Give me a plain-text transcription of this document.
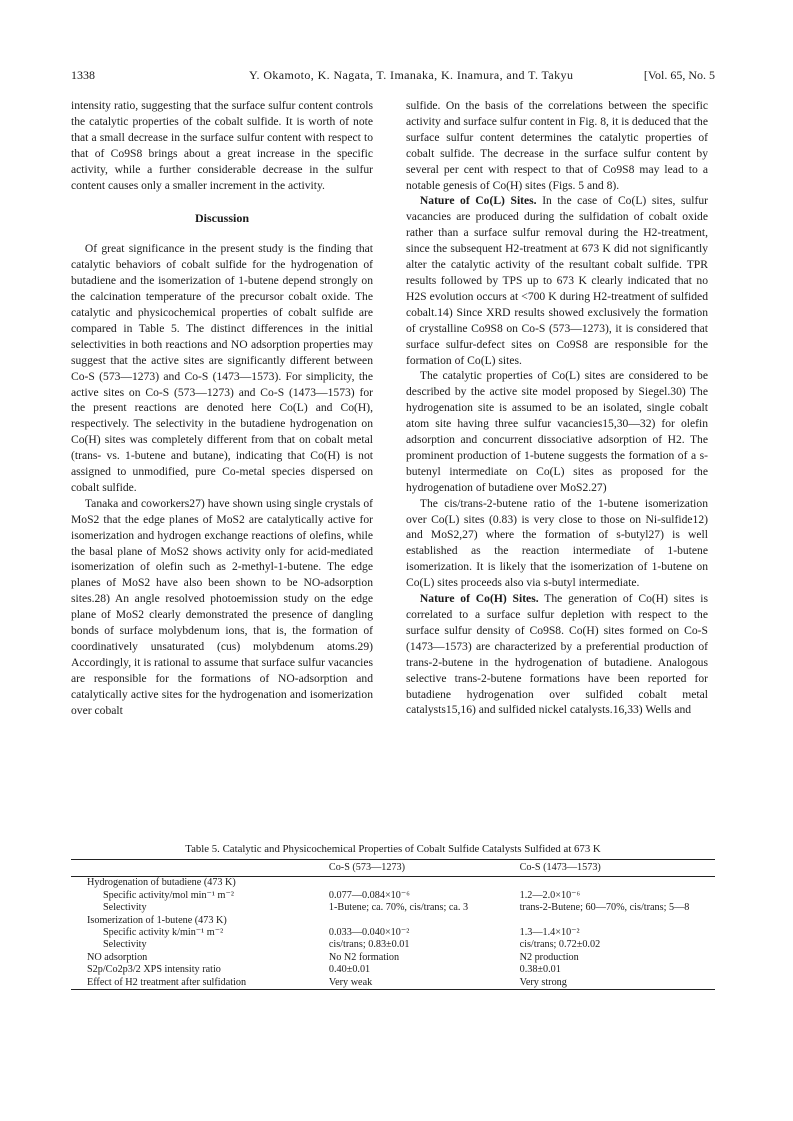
1338	Y. Okamoto, K. Nagata, T. Imanaka, K. Inamura, and T. Takyu	[Vol. 65, No. 5

intensity ratio, suggesting that the surface sulfur content controls the catalytic properties of the cobalt sulfide. It is worth of note that a small decrease in the surface sulfur content with respect to that of Co9S8 brings about a great increase in the specific activity, while a further considerable decrease in the sulfur content causes only a smaller increment in the activity.

Discussion

Of great significance in the present study is the finding that catalytic behaviors of cobalt sulfide for the hydrogenation of butadiene and the isomerization of 1-butene depend strongly on the calcination temperature of the precursor cobalt oxide. The catalytic and physicochemical properties of cobalt sulfide are compared in Table 5. The distinct differences in the initial selectivities in both reactions and NO adsorption properties may suggest that the active sites are significantly different between Co-S (573—1273) and Co-S (1473—1573). For simplicity, the active sites on Co-S (573—1273) and Co-S (1473—1573) for the present reactions are denoted here Co(L) and Co(H), respectively. The selectivity in the butadiene hydrogenation on Co(H) sites was completely different from that on cobalt metal (trans- vs. 1-butene and butane), indicating that Co(H) is not assigned to unmodified, pure Co-metal species dispersed on cobalt sulfide.

Tanaka and coworkers27) have shown using single crystals of MoS2 that the edge planes of MoS2 are catalytically active for isomerization and hydrogen exchange reactions of olefins, while the basal plane of MoS2 shows activity only for acid-mediated isomerization of olefin such as 2-methyl-1-butene. The edge planes of MoS2 have also been shown to be NO-adsorption sites.28) An angle resolved photoemission study on the edge plane of MoS2 clearly demonstrated the presence of dangling bonds of surface molybdenum ions, that is, the formation of coordinatively unsaturated (cus) molybdenum atoms.29) Accordingly, it is rational to assume that surface sulfur vacancies are responsible for the formations of NO-adsorption and catalytically active sites for the hydrogenation and isomerization over cobalt

sulfide. On the basis of the correlations between the specific activity and surface sulfur content in Fig. 8, it is deduced that the surface sulfur content determines the catalytic properties of cobalt sulfide. The decrease in the surface sulfur content by several per cent with respect to that of Co9S8 may lead to a notable genesis of Co(H) sites (Figs. 5 and 8).

Nature of Co(L) Sites. In the case of Co(L) sites, sulfur vacancies are produced during the sulfidation of cobalt oxide rather than a surface sulfur removal during the H2-treatment, since the subsequent H2-treatment at 673 K did not significantly alter the catalytic activity of the resultant cobalt sulfide. TPR results followed by TPS up to 673 K clearly indicated that no H2S evolution occurs at <700 K during H2-treatment of sulfided cobalt.14) Since XRD results showed exclusively the formation of crystalline Co9S8 on Co-S (573—1273), it is considered that surface sulfur-defect sites on Co9S8 are responsible for the formation of Co(L) sites.

The catalytic properties of Co(L) sites are considered to be described by the active site model proposed by Siegel.30) The hydrogenation site is assumed to be an isolated, single cobalt atom site having three sulfur vacancies15,30—32) for olefin adsorption and concurrent dissociative adsorption of H2. The prominent production of 1-butene suggests the formation of a s-butenyl intermediate on Co(L) sites as proposed for the hydrogenation of butadiene over MoS2.27)

The cis/trans-2-butene ratio of the 1-butene isomerization over Co(L) sites (0.83) is very close to those on Ni-sulfide12) and MoS2,27) where the formation of s-butyl27) is well established as the reaction intermediate of 1-butene isomerization. It is likely that the isomerization of 1-butene on Co(L) sites proceeds also via s-butyl intermediate.

Nature of Co(H) Sites. The generation of Co(H) sites is correlated to a surface sulfur depletion with respect to the surface sulfur density of Co9S8. Co(H) sites formed on Co-S (1473—1573) are characterized by a preferential production of trans-2-butene in the hydrogenation of butadiene. Analogous selective trans-2-butene formations have been reported for butadiene hydrogenation over sulfided cobalt metal catalysts15,16) and sulfided nickel catalysts.16,33) Wells and

Table 5. Catalytic and Physicochemical Properties of Cobalt Sulfide Catalysts Sulfided at 673 K
	Co-S (573—1273)	Co-S (1473—1573)
Hydrogenation of butadiene (473 K)		
Specific activity/mol min⁻¹ m⁻²	0.077—0.084×10⁻⁶	1.2—2.0×10⁻⁶
Selectivity	1-Butene; ca. 70%, cis/trans; ca. 3	trans-2-Butene; 60—70%, cis/trans; 5—8
Isomerization of 1-butene (473 K)		
Specific activity k/min⁻¹ m⁻²	0.033—0.040×10⁻²	1.3—1.4×10⁻²
Selectivity	cis/trans; 0.83±0.01	cis/trans; 0.72±0.02
NO adsorption	No N2 formation	N2 production
S2p/Co2p3/2 XPS intensity ratio	0.40±0.01	0.38±0.01
Effect of H2 treatment after sulfidation	Very weak	Very strong
